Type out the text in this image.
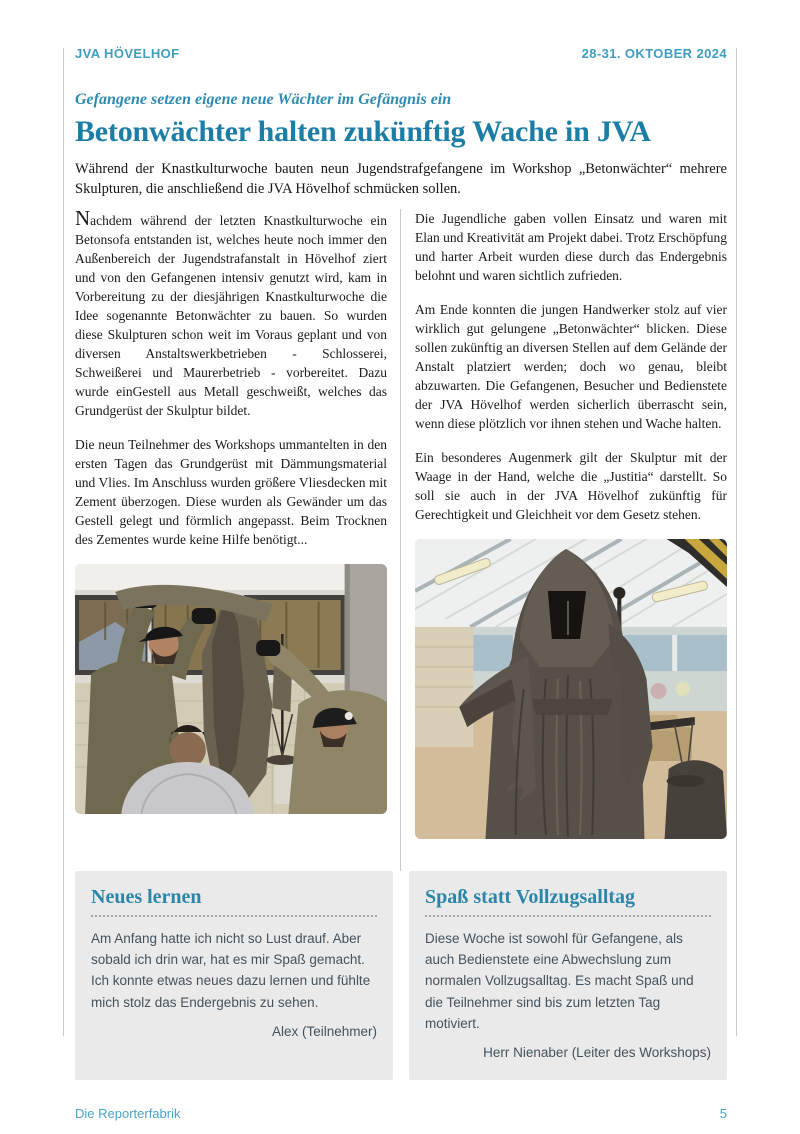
JVA HÖVELHOF	28-31. OKTOBER 2024
Gefangene setzen eigene neue Wächter im Gefängnis ein
Betonwächter halten zukünftig Wache in JVA

Während der Knastkulturwoche bauten neun Jugendstrafgefangene im Workshop „Betonwächter“ mehrere Skulpturen, die anschließend die JVA Hövelhof schmücken sollen.

Nachdem während der letzten Knastkulturwoche ein Betonsofa entstanden ist, welches heute noch immer den Außenbereich der Jugendstrafanstalt in Hövelhof ziert und von den Gefangenen intensiv genutzt wird, kam in Vorbereitung zu der diesjährigen Knastkulturwoche die Idee sogenannte Betonwächter zu bauen. So wurden diese Skulpturen schon weit im Voraus geplant und von diversen Anstaltswerkbetrieben - Schlosserei, Schweißerei und Maurerbetrieb - vorbereitet. Dazu wurde einGestell aus Metall geschweißt, welches das Grundgerüst der Skulptur bildet.

Die neun Teilnehmer des Workshops ummantelten in den ersten Tagen das Grundgerüst mit Dämmungsmaterial und Vlies. Im Anschluss wurden größere Vliesdecken mit Zement überzogen. Diese wurden als Gewänder um das Gestell gelegt und förmlich angepasst. Beim Trocknen des Zementes wurde keine Hilfe benötigt...

Die Jugendliche gaben vollen Einsatz und waren mit Elan und Kreativität am Projekt dabei. Trotz Erschöpfung und harter Arbeit wurden diese durch das Endergebnis belohnt und waren sichtlich zufrieden.

Am Ende konnten die jungen Handwerker stolz auf vier wirklich gut gelungene „Betonwächter“ blicken. Diese sollen zukünftig an diversen Stellen auf dem Gelände der Anstalt platziert werden; doch wo genau, bleibt abzuwarten. Die Gefangenen, Besucher und Bedienstete der JVA Hövelhof werden sicherlich überrascht sein, wenn diese plötzlich vor ihnen stehen und Wache halten.

Ein besonderes Augenmerk gilt der Skulptur mit der Waage in der Hand, welche die „Justitia“ darstellt. So soll sie auch in der JVA Hövelhof zukünftig für Gerechtigkeit und Gleichheit vor dem Gesetz stehen.

Neues lernen

Am Anfang hatte ich nicht so Lust drauf. Aber sobald ich drin war, hat es mir Spaß gemacht. Ich konnte etwas neues dazu lernen und fühlte mich stolz das Endergebnis zu sehen.

Alex (Teilnehmer)

Spaß statt Vollzugsalltag

Diese Woche ist sowohl für Gefangene, als auch Bedienstete eine Abwechslung zum normalen Vollzugsalltag. Es macht Spaß und die Teilnehmer sind bis zum letzten Tag motiviert.

Herr Nienaber (Leiter des Workshops)

Die Reporterfabrik	5
